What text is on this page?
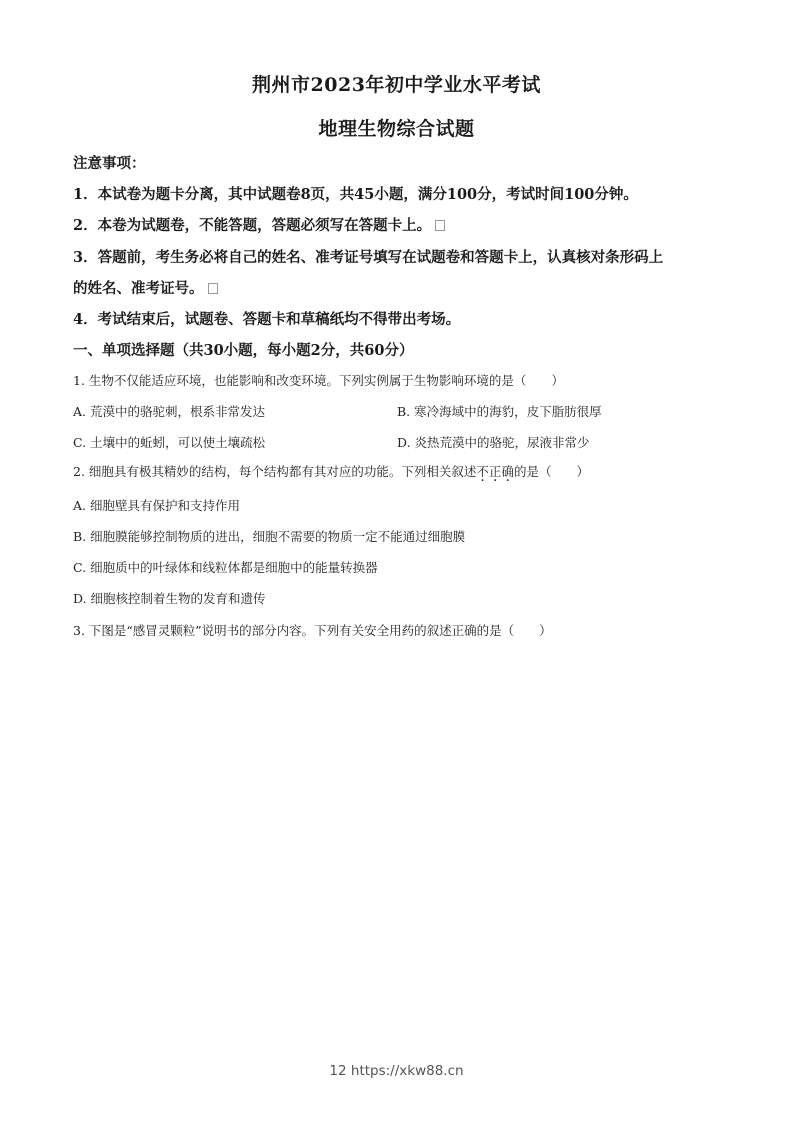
荆州市2023年初中学业水平考试
地理生物综合试题
注意事项：
1．本试卷为题卡分离，其中试题卷8页，共45小题，满分100分，考试时间100分钟。
2．本卷为试题卷，不能答题，答题必须写在答题卡上。
3．答题前，考生务必将自己的姓名、准考证号填写在试题卷和答题卡上，认真核对条形码上
的姓名、准考证号。
4．考试结束后，试题卷、答题卡和草稿纸均不得带出考场。
一、单项选择题（共30小题，每小题2分，共60分）
1. 生物不仅能适应环境，也能影响和改变环境。下列实例属于生物影响环境的是（　　）
A. 荒漠中的骆驼刺，根系非常发达	B. 寒冷海域中的海豹，皮下脂肪很厚
C. 土壤中的蚯蚓，可以使土壤疏松	D. 炎热荒漠中的骆驼，尿液非常少
2. 细胞具有极其精妙的结构，每个结构都有其对应的功能。下列相关叙述不正确的是（　　）
A. 细胞壁具有保护和支持作用
B. 细胞膜能够控制物质的进出，细胞不需要的物质一定不能通过细胞膜
C. 细胞质中的叶绿体和线粒体都是细胞中的能量转换器
D. 细胞核控制着生物的发育和遗传
3. 下图是“感冒灵颗粒”说明书的部分内容。下列有关安全用药的叙述正确的是（　　）
12 https://xkw88.cn
